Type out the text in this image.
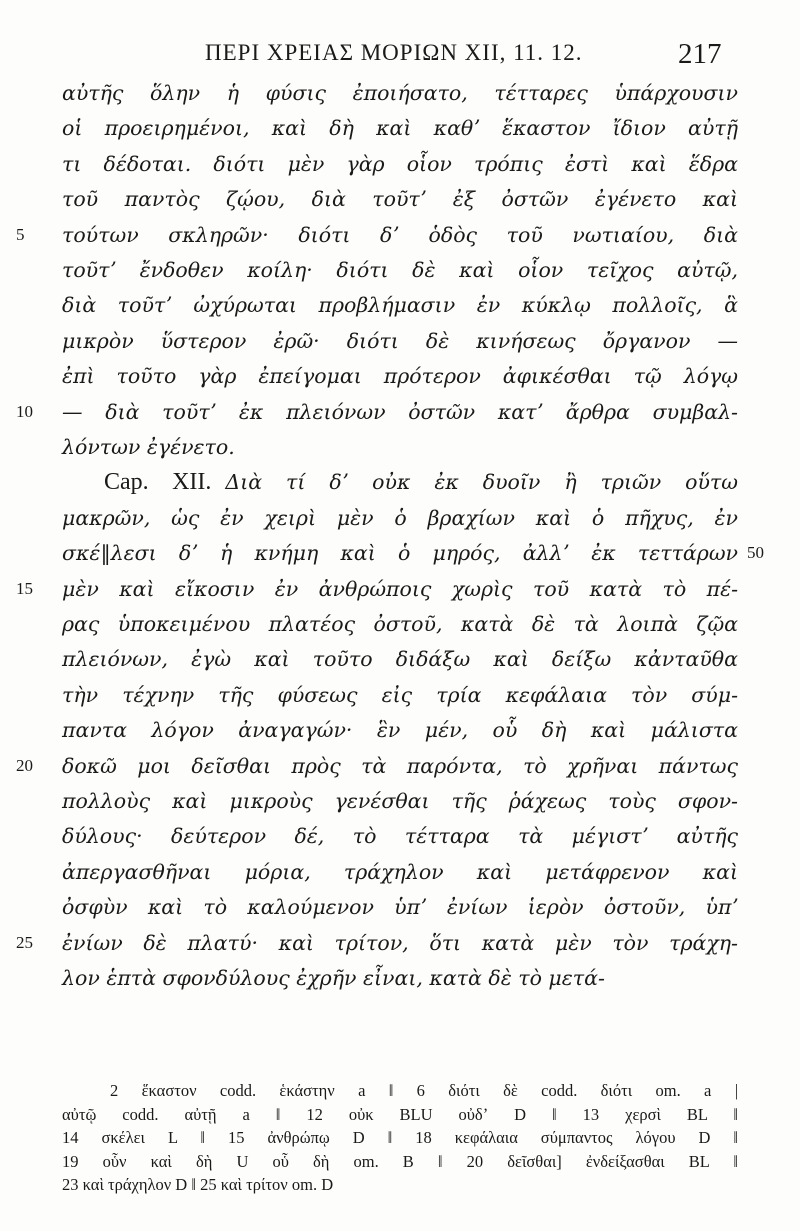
ΠΕΡΙ ΧΡΕΙΑΣ ΜΟΡΙΩΝ XII, 11. 12.	217
αὐτῆς ὅλην ἡ φύσις ἐποιήσατο, τέτταρες ὑπάρχουσιν
οἱ προειρημένοι, καὶ δὴ καὶ καθʼ ἕκαστον ἴδιον αὐτῇ
τι δέδοται. διότι μὲν γὰρ οἷον τρόπις ἐστὶ καὶ ἕδρα
τοῦ παντὸς ζῴου, διὰ τοῦτʼ ἐξ ὀστῶν ἐγένετο καὶ
5	τούτων σκληρῶν· διότι δʼ ὁδὸς τοῦ νωτιαίου, διὰ
τοῦτʼ ἔνδοθεν κοίλη· διότι δὲ καὶ οἷον τεῖχος αὐτῷ,
διὰ τοῦτʼ ὠχύρωται προβλήμασιν ἐν κύκλῳ πολλοῖς, ἃ
μικρὸν ὕστερον ἐρῶ· διότι δὲ κινήσεως ὄργανον —
ἐπὶ τοῦτο γὰρ ἐπείγομαι πρότερον ἀφικέσθαι τῷ λόγῳ
10	— διὰ τοῦτʼ ἐκ πλειόνων ὀστῶν κατʼ ἄρθρα συμβαλ-
λόντων ἐγένετο.
Cap. XII. Διὰ τί δʼ οὐκ ἐκ δυοῖν ἢ τριῶν οὕτω
μακρῶν, ὡς ἐν χειρὶ μὲν ὁ βραχίων καὶ ὁ πῆχυς, ἐν
σκέ‖λεσι δʼ ἡ κνήμη καὶ ὁ μηρός, ἀλλʼ ἐκ τεττάρων 50
15	μὲν καὶ εἴκοσιν ἐν ἀνθρώποις χωρὶς τοῦ κατὰ τὸ πέ-
ρας ὑποκειμένου πλατέος ὀστοῦ, κατὰ δὲ τὰ λοιπὰ ζῷα
πλειόνων, ἐγὼ καὶ τοῦτο διδάξω καὶ δείξω κἀνταῦθα
τὴν τέχνην τῆς φύσεως εἰς τρία κεφάλαια τὸν σύμ-
παντα λόγον ἀναγαγών· ἓν μέν, οὗ δὴ καὶ μάλιστα
20	δοκῶ μοι δεῖσθαι πρὸς τὰ παρόντα, τὸ χρῆναι πάντως
πολλοὺς καὶ μικροὺς γενέσθαι τῆς ῥάχεως τοὺς σφον-
δύλους· δεύτερον δέ, τὸ τέτταρα τὰ μέγιστʼ αὐτῆς
ἀπεργασθῆναι μόρια, τράχηλον καὶ μετάφρενον καὶ
ὀσφὺν καὶ τὸ καλούμενον ὑπʼ ἐνίων ἱερὸν ὀστοῦν, ὑπʼ
25	ἐνίων δὲ πλατύ· καὶ τρίτον, ὅτι κατὰ μὲν τὸν τράχη-
λον ἑπτὰ σφονδύλους ἐχρῆν εἶναι, κατὰ δὲ τὸ μετά-
2 ἕκαστον codd. ἑκάστην a ‖ 6 διότι δὲ codd. διότι om. a |
αὐτῷ codd. αὐτῇ a ‖ 12 οὐκ BLU οὐδʼ D ‖ 13 χερσὶ BL ‖
14 σκέλει L ‖ 15 ἀνθρώπῳ D ‖ 18 κεφάλαια σύμπαντος λόγου D ‖
19 οὗν καὶ δὴ U οὗ δὴ om. B ‖ 20 δεῖσθαι] ἐνδείξασθαι BL ‖
23 καὶ τράχηλον D ‖ 25 καὶ τρίτον om. D
